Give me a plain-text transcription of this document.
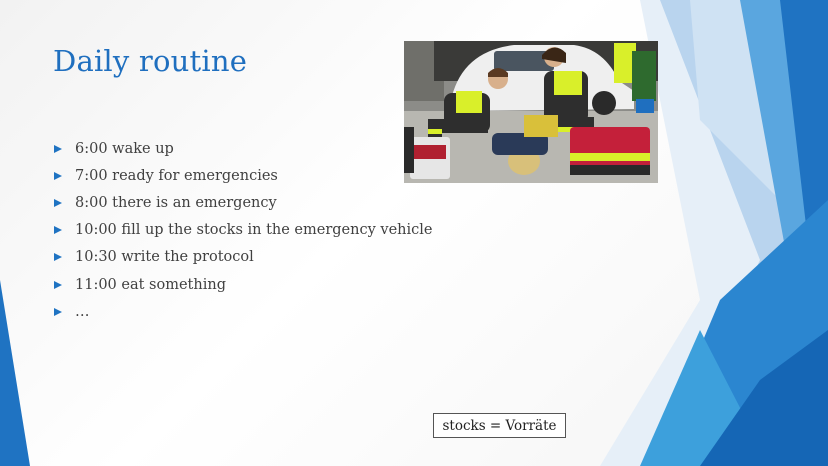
Daily routine
6:00 wake up
7:00 ready for emergencies
8:00 there is an emergency
10:00 fill up the stocks in the emergency vehicle
10:30 write the protocol
11:00 eat something
…
stocks = Vorräte
